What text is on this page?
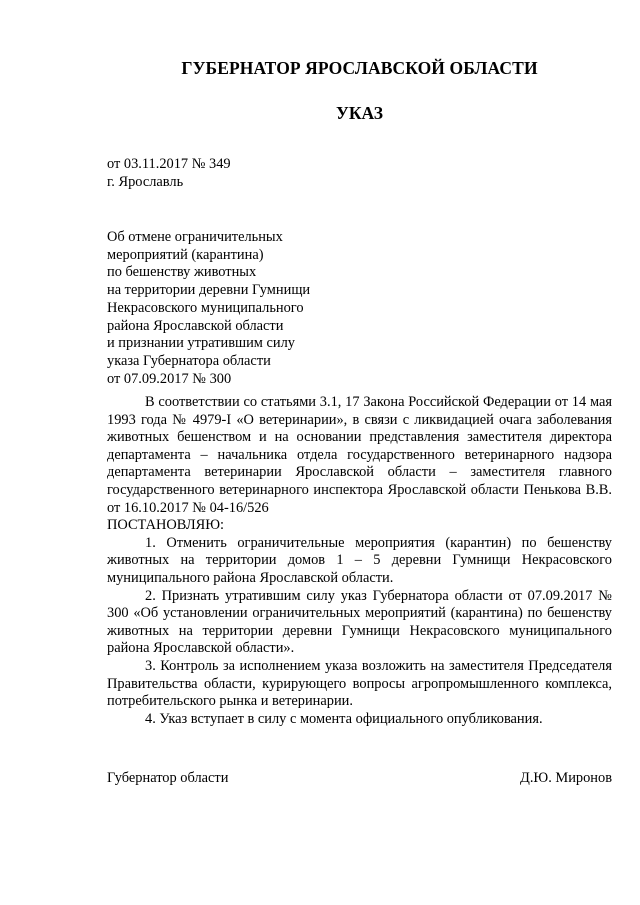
ГУБЕРНАТОР ЯРОСЛАВСКОЙ ОБЛАСТИ
УКАЗ
от 03.11.2017 № 349
г. Ярославль
Об отмене ограничительных
мероприятий (карантина)
по бешенству животных
на территории деревни Гумнищи
Некрасовского муниципального
района Ярославской области
и признании утратившим силу
указа Губернатора области
от 07.09.2017 № 300

В соответствии со статьями 3.1, 17 Закона Российской Федерации от 14 мая 1993 года № 4979-I «О ветеринарии», в связи с ликвидацией очага заболевания животных бешенством и на основании представления заместителя директора департамента – начальника отдела государственного ветеринарного надзора департамента ветеринарии Ярославской области – заместителя главного государственного ветеринарного инспектора Ярославской области Пенькова В.В. от 16.10.2017 № 04-16/526

ПОСТАНОВЛЯЮ:

1. Отменить ограничительные мероприятия (карантин) по бешенству животных на территории домов 1 – 5 деревни Гумнищи Некрасовского муниципального района Ярославской области.

2. Признать утратившим силу указ Губернатора области от 07.09.2017 № 300 «Об установлении ограничительных мероприятий (карантина) по бешенству животных на территории деревни Гумнищи Некрасовского муниципального района Ярославской области».

3. Контроль за исполнением указа возложить на заместителя Председателя Правительства области, курирующего вопросы агропромышленного комплекса, потребительского рынка и ветеринарии.

4. Указ вступает в силу с момента официального опубликования.

Губернатор области	Д.Ю. Миронов
